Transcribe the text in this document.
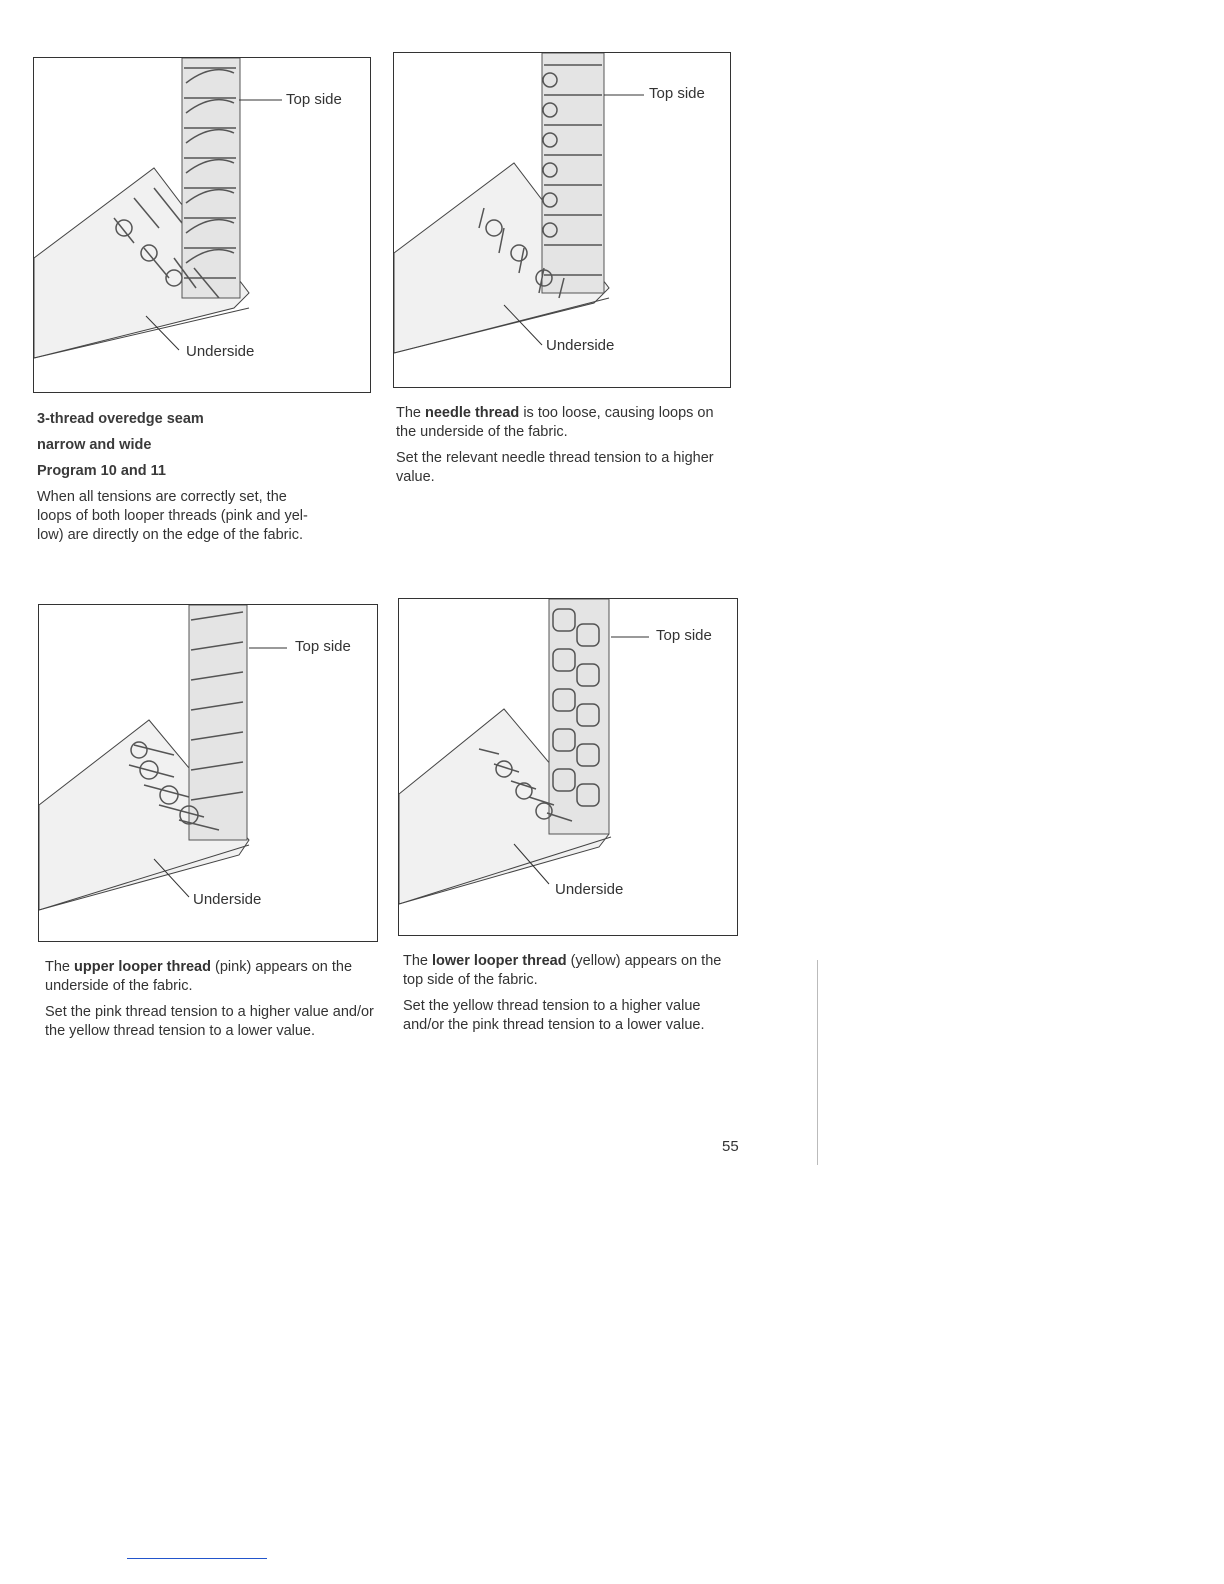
Top side
Underside
Top side
Underside

3-thread overedge seam

narrow and wide

Program 10 and 11

When all tensions are correctly set, the
loops of both looper threads (pink and yel-
low) are directly on the edge of the fabric.

The needle thread is too loose, causing loops on the underside of the fabric.

Set the relevant needle thread tension to a higher value.

Top side
Underside
Top side
Underside

The upper looper thread (pink) appears on the underside of the fabric.

Set the pink thread tension to a higher value and/or the yellow thread tension to a lower value.

The lower looper thread (yellow) appears on the top side of the fabric.

Set the yellow thread tension to a higher value and/or the pink thread tension to a lower value.

55
